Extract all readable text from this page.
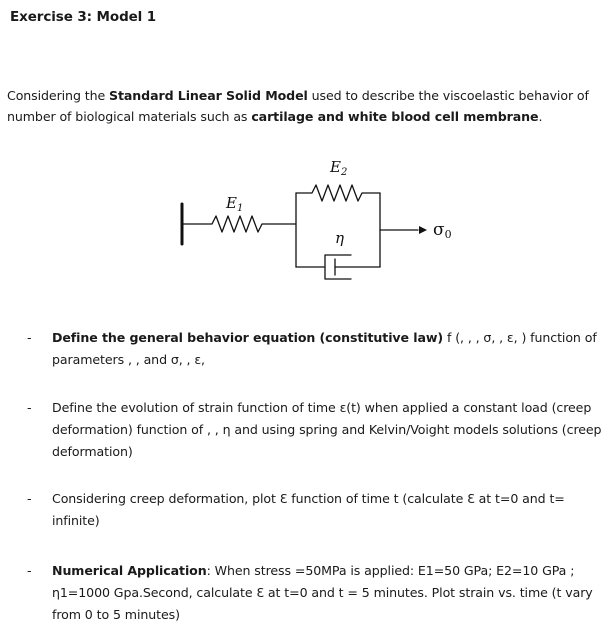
Exercise 3: Model 1
Considering the Standard Linear Solid Model used to describe the viscoelastic behavior of number of biological materials such as cartilage and white blood cell membrane.
$E_1$
$E_2$
η	σ0
- Define the general behavior equation (constitutive law) f (, , , σ, , ε, ) function of parameters , , and σ, , ε,
- Define the evolution of strain function of time ε(t) when applied a constant load (creep deformation) function of , , η and using spring and Kelvin/Voight models solutions (creep deformation)
- Considering creep deformation, plot Ɛ function of time t (calculate Ɛ at t=0 and t= infinite)
- Numerical Application: When stress =50MPa is applied: E1=50 GPa; E2=10 GPa ; η1=1000 Gpa.Second, calculate Ɛ at t=0 and t = 5 minutes. Plot strain vs. time (t vary from 0 to 5 minutes)
